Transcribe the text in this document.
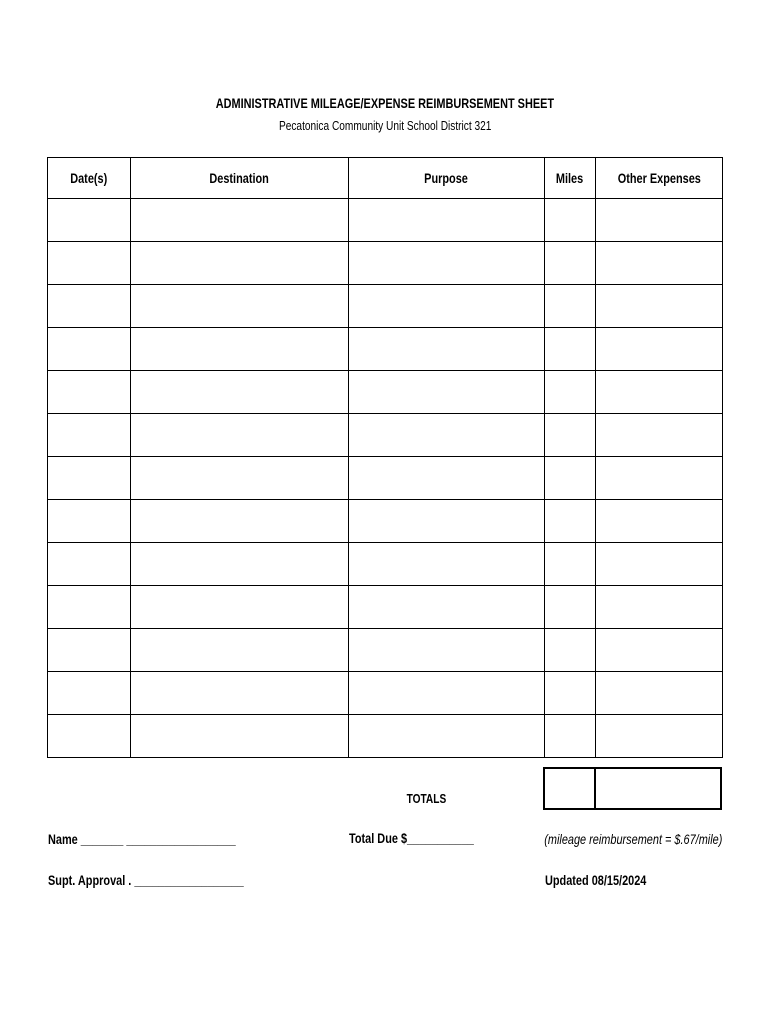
ADMINISTRATIVE MILEAGE/EXPENSE REIMBURSEMENT SHEET
Pecatonica Community Unit School District 321
Date(s)	Destination	Purpose	Miles	Other Expenses

TOTALS
Name _______ __________________	Total Due $___________	(mileage reimbursement = $.67/mile)
Supt. Approval . __________________	Updated 08/15/2024
